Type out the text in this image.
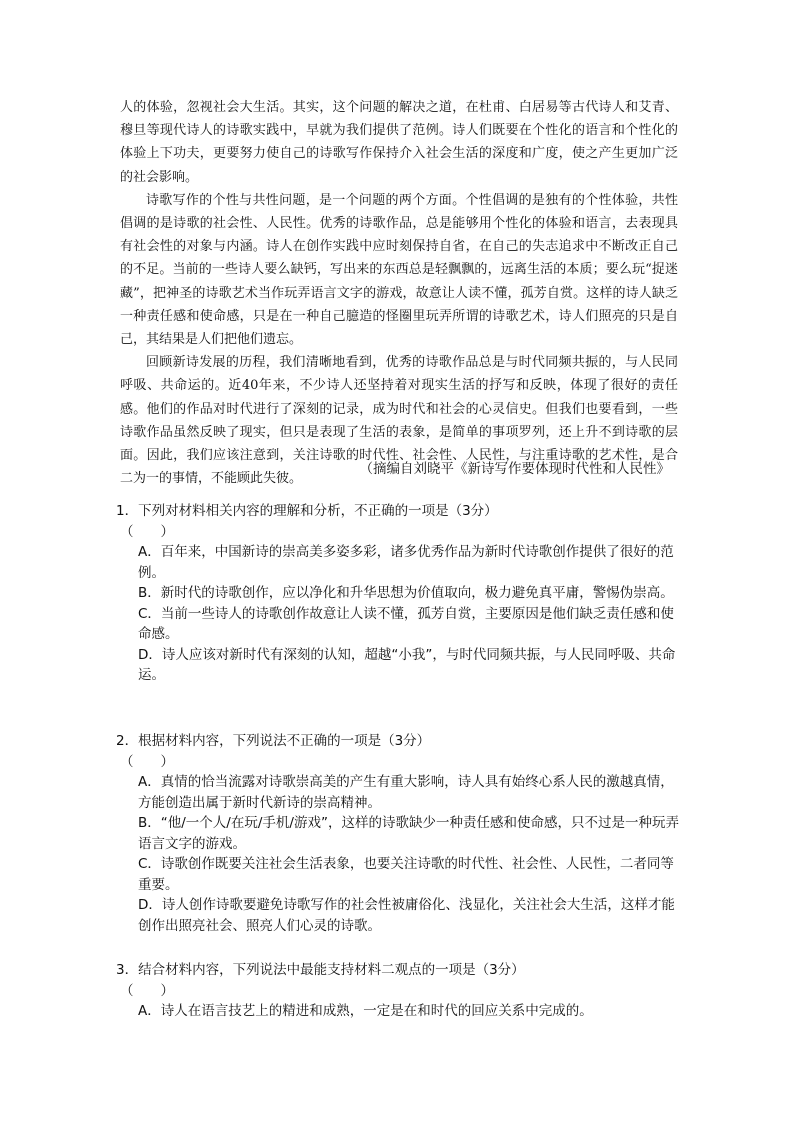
人的体验，忽视社会大生活。其实，这个问题的解决之道，在杜甫、白居易等古代诗人和艾青、穆旦等现代诗人的诗歌实践中，早就为我们提供了范例。诗人们既要在个性化的语言和个性化的体验上下功夫，更要努力使自己的诗歌写作保持介入社会生活的深度和广度，使之产生更加广泛的社会影响。

诗歌写作的个性与共性问题，是一个问题的两个方面。个性倡调的是独有的个性体验，共性倡调的是诗歌的社会性、人民性。优秀的诗歌作品，总是能够用个性化的体验和语言，去表现具有社会性的对象与内涵。诗人在创作实践中应时刻保持自省，在自己的失志追求中不断改正自己的不足。当前的一些诗人要么缺钙，写出来的东西总是轻飘飘的，远离生活的本质；要么玩“捉迷藏”，把神圣的诗歌艺术当作玩弄语言文字的游戏，故意让人读不懂，孤芳自赏。这样的诗人缺乏一种责任感和使命感，只是在一种自己臆造的怪圈里玩弄所谓的诗歌艺术，诗人们照亮的只是自己，其结果是人们把他们遗忘。

回顾新诗发展的历程，我们清晰地看到，优秀的诗歌作品总是与时代同频共振的，与人民同呼吸、共命运的。近40年来，不少诗人还坚持着对现实生活的抒写和反映，体现了很好的责任感。他们的作品对时代进行了深刻的记录，成为时代和社会的心灵信史。但我们也要看到，一些诗歌作品虽然反映了现实，但只是表现了生活的表象，是简单的事项罗列，还上升不到诗歌的层面。因此，我们应该注意到，关注诗歌的时代性、社会性、人民性，与注重诗歌的艺术性，是合二为一的事情，不能顾此失彼。

（摘编自刘晓平《新诗写作要体现时代性和人民性》

1．下列对材料相关内容的理解和分析，不正确的一项是（3分）

（　　）

A．百年来，中国新诗的崇高美多姿多彩，诸多优秀作品为新时代诗歌创作提供了很好的范例。

B．新时代的诗歌创作，应以净化和升华思想为价值取向，极力避免真平庸，警惕伪崇高。

C．当前一些诗人的诗歌创作故意让人读不懂，孤芳自赏，主要原因是他们缺乏责任感和使命感。

D．诗人应该对新时代有深刻的认知，超越“小我”，与时代同频共振，与人民同呼吸、共命运。

2．根据材料内容，下列说法不正确的一项是（3分）

（　　）

A．真情的恰当流露对诗歌崇高美的产生有重大影响，诗人具有始终心系人民的激越真情，方能创造出属于新时代新诗的崇高精神。

B．“他/一个人/在玩/手机/游戏”，这样的诗歌缺少一种责任感和使命感，只不过是一种玩弄语言文字的游戏。

C．诗歌创作既要关注社会生活表象，也要关注诗歌的时代性、社会性、人民性，二者同等重要。

D．诗人创作诗歌要避免诗歌写作的社会性被庸俗化、浅显化，关注社会大生活，这样才能创作出照亮社会、照亮人们心灵的诗歌。

3．结合材料内容，下列说法中最能支持材料二观点的一项是（3分）

（　　）

A．诗人在语言技艺上的精进和成熟，一定是在和时代的回应关系中完成的。
